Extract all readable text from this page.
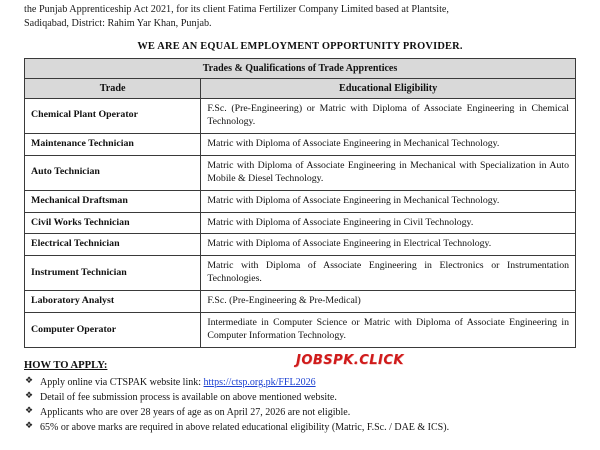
the Punjab Apprenticeship Act 2021, for its client Fatima Fertilizer Company Limited based at Plantsite,
Sadiqabad, District: Rahim Yar Khan, Punjab.

WE ARE AN EQUAL EMPLOYMENT OPPORTUNITY PROVIDER.
Trades & Qualifications of Trade Apprentices	
Trade	Educational Eligibility
Chemical Plant Operator	F.Sc. (Pre-Engineering) or Matric with Diploma of Associate Engineering in Chemical Technology.
Maintenance Technician	Matric with Diploma of Associate Engineering in Mechanical Technology.
Auto Technician	Matric with Diploma of Associate Engineering in Mechanical with Specialization in Auto Mobile & Diesel Technology.
Mechanical Draftsman	Matric with Diploma of Associate Engineering in Mechanical Technology.
Civil Works Technician	Matric with Diploma of Associate Engineering in Civil Technology.
Electrical Technician	Matric with Diploma of Associate Engineering in Electrical Technology.
Instrument Technician	Matric with Diploma of Associate Engineering in Electronics or Instrumentation Technologies.
Laboratory Analyst	F.Sc. (Pre-Engineering & Pre-Medical)
Computer Operator	Intermediate in Computer Science or Matric with Diploma of Associate Engineering in Computer Information Technology.
HOW TO APPLY:	JOBSPK.CLICK
❖ Apply online via CTSPAK website link: https://ctsp.org.pk/FFL2026
❖ Detail of fee submission process is available on above mentioned website.
❖ Applicants who are over 28 years of age as on April 27, 2026 are not eligible.
❖ 65% or above marks are required in above related educational eligibility (Matric, F.Sc. / DAE & ICS).
